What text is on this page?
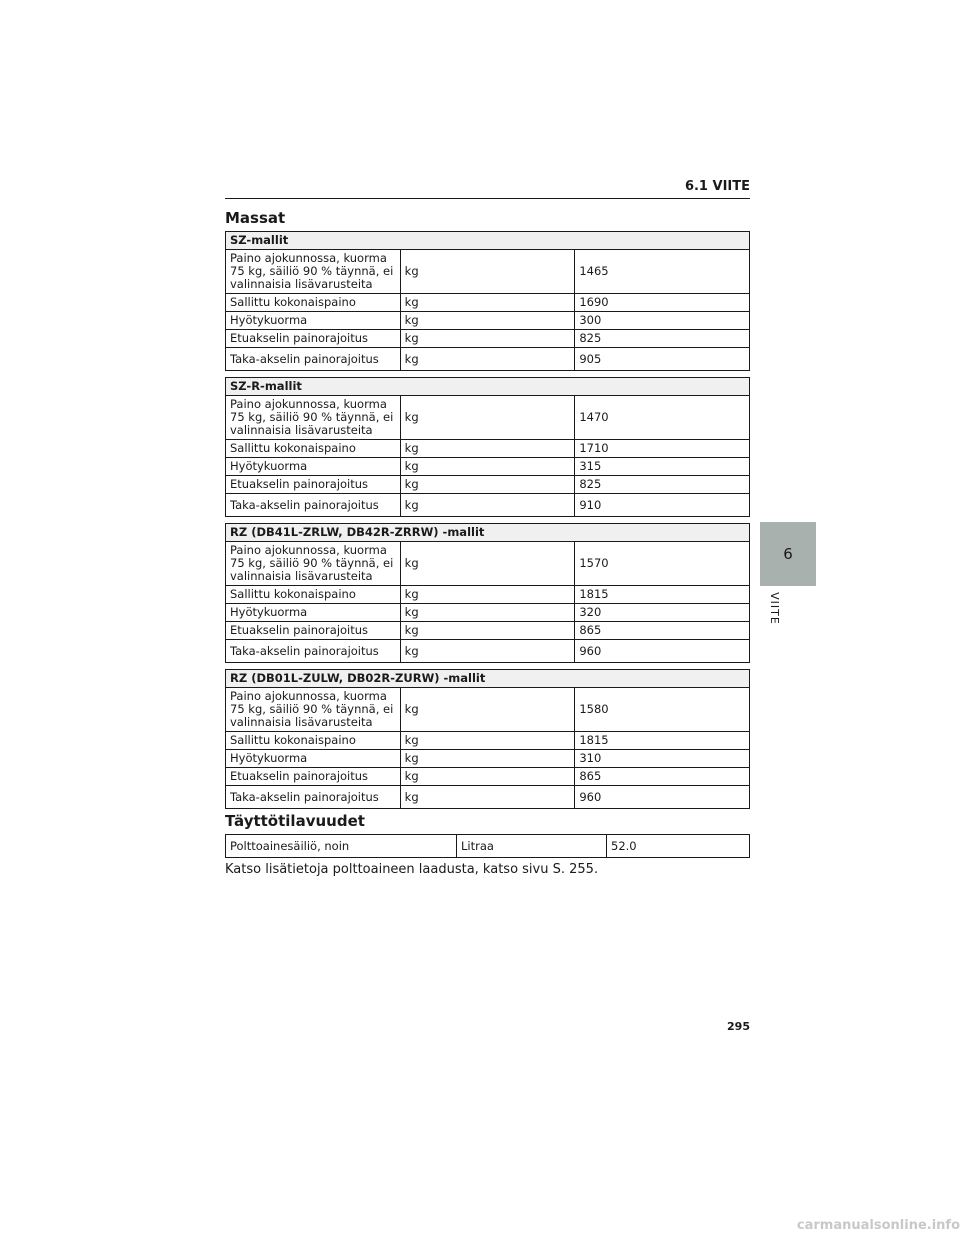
6.1 VIITE
Massat
SZ-mallit		
Paino ajokunnossa, kuorma 75 kg, säiliö 90 % täynnä, ei valinnaisia lisävarusteita	kg	1465
Sallittu kokonaispaino	kg	1690
Hyötykuorma	kg	300
Etuakselin painorajoitus	kg	825
Taka-akselin painorajoitus	kg	905
SZ-R-mallit		
Paino ajokunnossa, kuorma 75 kg, säiliö 90 % täynnä, ei valinnaisia lisävarusteita	kg	1470
Sallittu kokonaispaino	kg	1710
Hyötykuorma	kg	315
Etuakselin painorajoitus	kg	825
Taka-akselin painorajoitus	kg	910
RZ (DB41L-ZRLW, DB42R-ZRRW) -mallit		
Paino ajokunnossa, kuorma 75 kg, säiliö 90 % täynnä, ei valinnaisia lisävarusteita	kg	1570
Sallittu kokonaispaino	kg	1815
Hyötykuorma	kg	320
Etuakselin painorajoitus	kg	865
Taka-akselin painorajoitus	kg	960
RZ (DB01L-ZULW, DB02R-ZURW) -mallit		
Paino ajokunnossa, kuorma 75 kg, säiliö 90 % täynnä, ei valinnaisia lisävarusteita	kg	1580
Sallittu kokonaispaino	kg	1815
Hyötykuorma	kg	310
Etuakselin painorajoitus	kg	865
Taka-akselin painorajoitus	kg	960
Täyttötilavuudet
Polttoainesäiliö, noin	Litraa	52.0
Katso lisätietoja polttoaineen laadusta, katso sivu S. 255.
295
6
VIITE
carmanualsonline.info
